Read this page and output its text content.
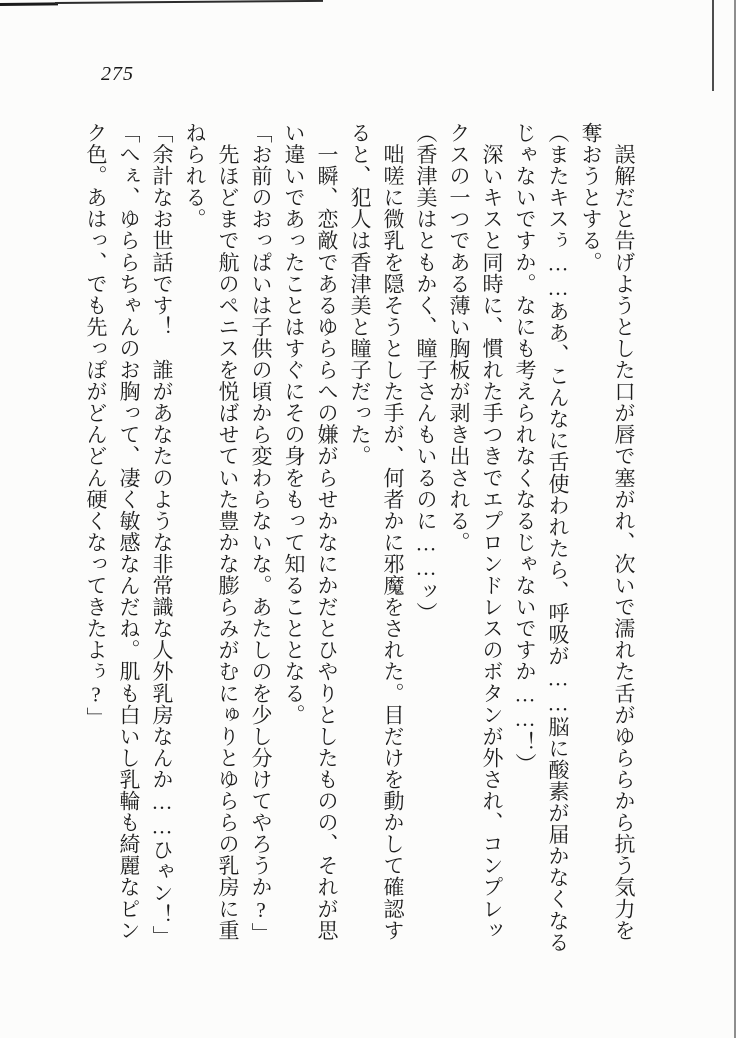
275
　誤解だと告げようとした口が唇で塞がれ、次いで濡れた舌がゆららから抗う気力を
奪おうとする。
（またキスぅ……ああ、こんなに舌使われたら、呼吸が……脳に酸素が届かなくなる
じゃないですか。なにも考えられなくなるじゃないですか……！）
　深いキスと同時に、慣れた手つきでエプロンドレスのボタンが外され、コンプレッ
クスの一つである薄い胸板が剥き出される。
（香津美はともかく、瞳子さんもいるのに……ッ）
　咄嗟に微乳を隠そうとした手が、何者かに邪魔をされた。目だけを動かして確認す
ると、犯人は香津美と瞳子だった。
　一瞬、恋敵であるゆららへの嫌がらせかなにかだとひやりとしたものの、それが思
い違いであったことはすぐにその身をもって知ることとなる。
「お前のおっぱいは子供の頃から変わらないな。あたしのを少し分けてやろうか?」
　先ほどまで航のペニスを悦ばせていた豊かな膨らみがむにゅりとゆららの乳房に重
ねられる。
「余計なお世話です！　誰があなたのような非常識な人外乳房なんか……ひゃン！」
「へぇ、ゆららちゃんのお胸って、凄く敏感なんだね。肌も白いし乳輪も綺麗なピン
ク色。あはっ、でも先っぽがどんどん硬くなってきたよぅ?」
